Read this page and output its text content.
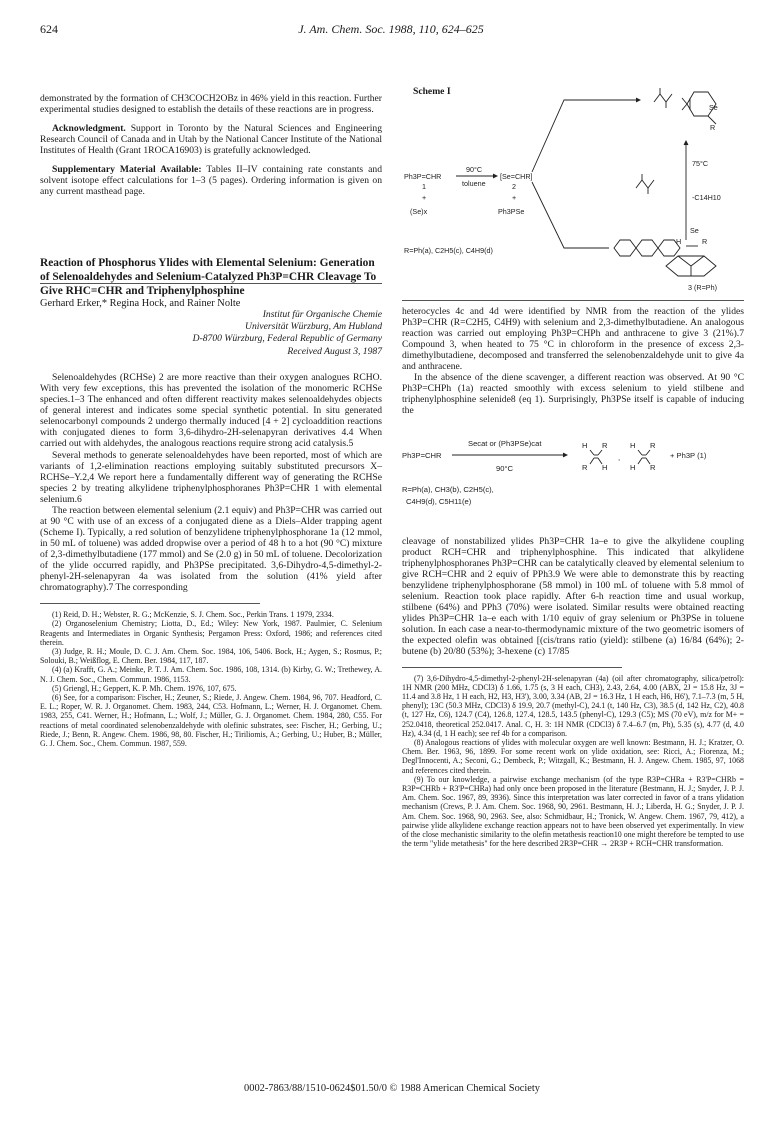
624	J. Am. Chem. Soc. 1988, 110, 624–625

demonstrated by the formation of CH3COCH2OBz in 46% yield in this reaction. Further experimental studies designed to establish the details of these reactions are in progress.

Acknowledgment. Support in Toronto by the Natural Sciences and Engineering Research Council of Canada and in Utah by the National Cancer Institute of the National Institutes of Health (Grant 1ROCA16903) is gratefully acknowledged.

Supplementary Material Available: Tables II–IV containing rate constants and solvent isotope effect calculations for 1–3 (5 pages). Ordering information is given on any current masthead page.

Reaction of Phosphorus Ylides with Elemental Selenium: Generation of Selenoaldehydes and Selenium-Catalyzed Ph3P=CHR Cleavage To Give RHC=CHR and Triphenylphosphine

Gerhard Erker,* Regina Hock, and Rainer Nolte

Institut für Organische Chemie
Universität Würzburg, Am Hubland
D-8700 Würzburg, Federal Republic of Germany
Received August 3, 1987

Selenoaldehydes (RCHSe) 2 are more reactive than their oxygen analogues RCHO. With very few exceptions, this has prevented the isolation of the monomeric RCHSe species.1–3 The enhanced and often different reactivity makes selenoaldehydes objects of general interest and indicates some special synthetic potential. In situ generated selenocarbonyl compounds 2 undergo thermally induced [4 + 2] cycloaddition reactions with conjugated dienes to form 3,6-dihydro-2H-selenapyran derivatives 4.4 When carried out with aldehydes, the analogous reactions require strong acid catalysis.5

Several methods to generate selenoaldehydes have been reported, most of which are variants of 1,2-elimination reactions employing suitably substituted precursors X–RCHSe–Y.2,4 We report here a fundamentally different way of generating the RCHSe species 2 by treating alkylidene triphenylphosphoranes Ph3P=CHR 1 with elemental selenium.6

The reaction between elemental selenium (2.1 equiv) and Ph3P=CHR was carried out at 90 °C with use of an excess of a conjugated diene as a Diels–Alder trapping agent (Scheme I). Typically, a red solution of benzylidene triphenylphosphorane 1a (12 mmol, in 50 mL of toluene) was added dropwise over a period of 48 h to a hot (90 °C) mixture of 2,3-dimethylbutadiene (177 mmol) and Se (2.0 g) in 50 mL of toluene. Decolorization of the ylide occurred rapidly, and Ph3PSe precipitated. 3,6-Dihydro-4,5-dimethyl-2-phenyl-2H-selenapyran 4a was isolated from the solution (41% yield after chromatography).7 The corresponding

(1) Reid, D. H.; Webster, R. G.; McKenzie, S. J. Chem. Soc., Perkin Trans. 1 1979, 2334.

(2) Organoselenium Chemistry; Liotta, D., Ed.; Wiley: New York, 1987. Paulmier, C. Selenium Reagents and Intermediates in Organic Synthesis; Pergamon Press: Oxford, 1986; and references cited therein.

(3) Judge, R. H.; Moule, D. C. J. Am. Chem. Soc. 1984, 106, 5406. Bock, H.; Aygen, S.; Rosmus, P.; Solouki, B.; Weißflog, E. Chem. Ber. 1984, 117, 187.

(4) (a) Krafft, G. A.; Meinke, P. T. J. Am. Chem. Soc. 1986, 108, 1314. (b) Kirby, G. W.; Trethewey, A. N. J. Chem. Soc., Chem. Commun. 1986, 1153.

(5) Griengl, H.; Geppert, K. P. Mh. Chem. 1976, 107, 675.

(6) See, for a comparison: Fischer, H.; Zeuner, S.; Riede, J. Angew. Chem. 1984, 96, 707. Headford, C. E. L.; Roper, W. R. J. Organomet. Chem. 1983, 244, C53. Hofmann, L.; Werner, H. J. Organomet. Chem. 1983, 255, C41. Werner, H.; Hofmann, L.; Wolf, J.; Müller, G. J. Organomet. Chem. 1984, 280, C55. For reactions of metal coordinated selenobenzaldehyde with olefinic substrates, see: Fischer, H.; Gerbing, U.; Riede, J.; Benn, R. Angew. Chem. 1986, 98, 80. Fischer, H.; Tiriliomis, A.; Gerbing, U.; Huber, B.; Müller, G. J. Chem. Soc., Chem. Commun. 1987, 559.

Scheme I
Ph3P=CHR
90°C
toluene
[Se=CHR]
1	2
+	+
(Se)x	Ph3PSe
R=Ph(a), C2H5(c), C4H9(d)
75°C
-C14H10
Se
R
Se
H	R
3 (R=Ph)

heterocycles 4c and 4d were identified by NMR from the reaction of the ylides Ph3P=CHR (R=C2H5, C4H9) with selenium and 2,3-dimethylbutadiene. An analogous reaction was carried out employing Ph3P=CHPh and anthracene to give 3 (21%).7 Compound 3, when heated to 75 °C in chloroform in the presence of excess 2,3-dimethylbutadiene, decomposed and transferred the selenobenzaldehyde unit to give 4a and anthracene.

In the absence of the diene scavenger, a different reaction was observed. At 90 °C Ph3P=CHPh (1a) reacted smoothly with excess selenium to yield stilbene and triphenylphosphine selenide8 (eq 1). Surprisingly, Ph3PSe itself is capable of inducing the

Secat or (Ph3PSe)cat
Ph3P=CHR
90°C
+ Ph3P (1)
R=Ph(a), CH3(b), C2H5(c),
C4H9(d), C5H11(e)
H R
R H
H R
H R
,

cleavage of nonstabilized ylides Ph3P=CHR 1a–e to give the alkylidene coupling product RCH=CHR and triphenylphosphine. This indicated that alkylidene triphenylphosphoranes Ph3P=CHR can be catalytically cleaved by elemental selenium to give RCH=CHR and 2 equiv of PPh3.9 We were able to demonstrate this by reacting benzylidene triphenylphosphorane (58 mmol) in 100 mL of toluene with 5.8 mmol of selenium. Reaction took place rapidly. After 6-h reaction time and usual workup, stilbene (64%) and PPh3 (70%) were isolated. Similar results were obtained reacting ylides Ph3P=CHR 1a–e each with 1/10 equiv of gray selenium or Ph3PSe in toluene solution. In each case a near-to-thermodynamic mixture of the two geometric isomers of the expected olefin was obtained [(cis/trans ratio (yield): stilbene (a) 16/84 (64%); 2-butene (b) 20/80 (53%); 3-hexene (c) 17/85

(7) 3,6-Dihydro-4,5-dimethyl-2-phenyl-2H-selenapyran (4a) (oil after chromatography, silica/petrol): 1H NMR (200 MHz, CDCl3) δ 1.66, 1.75 (s, 3 H each, CH3), 2.43, 2.64, 4.00 (ABX, 2J = 15.8 Hz, 3J = 11.4 and 3.8 Hz, 1 H each, H2, H3, H3'), 3.00, 3.34 (AB, 2J = 16.3 Hz, 1 H each, H6, H6'), 7.1–7.3 (m, 5 H, phenyl); 13C (50.3 MHz, CDCl3) δ 19.9, 20.7 (methyl-C), 24.1 (t, 140 Hz, C3), 38.5 (d, 142 Hz, C2), 40.8 (t, 127 Hz, C6), 124.7 (C4), 126.8, 127.4, 128.5, 143.5 (phenyl-C), 129.3 (C5); MS (70 eV), m/z for M+ = 252.0418, theoretical 252.0417. Anal. C, H. 3: 1H NMR (CDCl3) δ 7.4–6.7 (m, Ph), 5.35 (s), 4.77 (d, 4.0 Hz), 4.34 (d, 1 H each); see ref 4b for a comparison.

(8) Analogous reactions of ylides with molecular oxygen are well known: Bestmann, H. J.; Kratzer, O. Chem. Ber. 1963, 96, 1899. For some recent work on ylide oxidation, see: Ricci, A.; Fiorenza, M.; Degl'Innocenti, A.; Seconi, G.; Dembeck, P.; Witzgall, K.; Bestmann, H. J. Angew. Chem. 1985, 97, 1068 and references cited therein.

(9) To our knowledge, a pairwise exchange mechanism (of the type R3P=CHRa + R3'P=CHRb = R3P=CHRb + R3'P=CHRa) had only once been proposed in the literature (Bestmann, H. J.; Snyder, J. P. J. Am. Chem. Soc. 1967, 89, 3936). Since this interpretation was later corrected in favor of a trans ylidation mechanism (Crews, P. J. Am. Chem. Soc. 1968, 90, 2961. Bestmann, H. J.; Liberda, H. G.; Snyder, J. P. J. Am. Chem. Soc. 1968, 90, 2963. See, also: Schmidbaur, H.; Tronick, W. Angew. Chem. 1967, 79, 412), a pairwise ylide alkylidene exchange reaction appears not to have been observed yet experimentally. In view of the close mechanistic similarity to the olefin metathesis reaction10 one might therefore be tempted to use the term "ylide metathesis" for the here described 2R3P=CHR → 2R3P + RCH=CHR transformation.

0002-7863/88/1510-0624$01.50/0 © 1988 American Chemical Society
